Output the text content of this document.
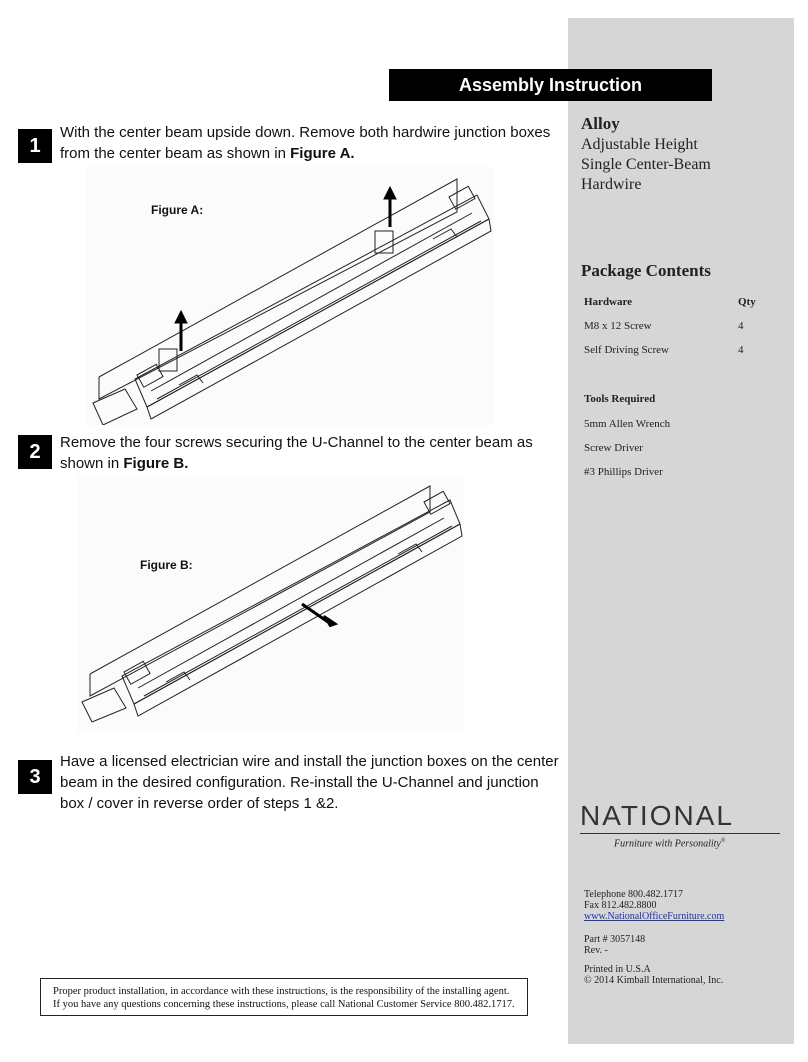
Assembly Instruction
1
With the center beam upside down. Remove both hardwire junction boxes from the center beam as shown in Figure A.
Figure A:
2	Remove the four screws securing the U-Channel to the center beam as shown in Figure B.
Figure B:
3
Have a licensed electrician wire and install the junction boxes on the center beam in the desired configuration. Re-install the U-Channel and junction box / cover in reverse order of steps 1 &2.
Alloy
Adjustable Height
Single Center-Beam
Hardwire
Package Contents
Hardware	Qty
M8 x 12 Screw	4
Self Driving Screw	4
Tools Required
5mm Allen Wrench
Screw Driver
#3 Phillips Driver
NATIONAL
Furniture with Personality®
Telephone 800.482.1717
Fax 812.482.8800
www.NationalOfficeFurniture.com
Part # 3057148
Rev. -
Printed in U.S.A
© 2014 Kimball International, Inc.
Proper product installation, in accordance with these instructions, is the responsibility of the installing agent.
If you have any questions concerning these instructions, please call National Customer Service 800.482.1717.
